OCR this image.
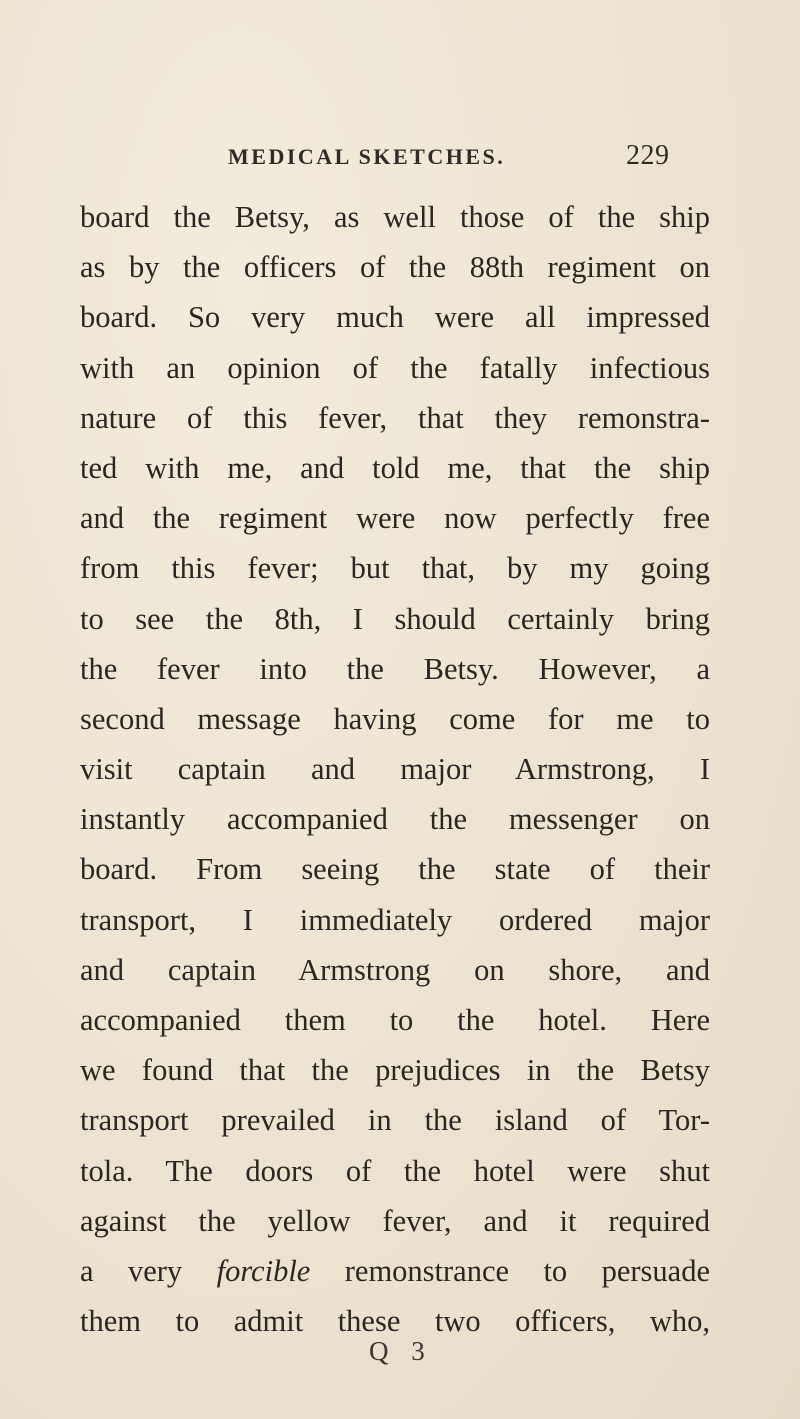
MEDICAL SKETCHES.	229
board the Betsy, as well those of the ship
as by the officers of the 88th regiment on
board. So very much were all impressed
with an opinion of the fatally infectious
nature of this fever, that they remonstra-
ted with me, and told me, that the ship
and the regiment were now perfectly free
from this fever; but that, by my going
to see the 8th, I should certainly bring
the fever into the Betsy. However, a
second message having come for me to
visit captain and major Armstrong, I
instantly accompanied the messenger on
board. From seeing the state of their
transport, I immediately ordered major
and captain Armstrong on shore, and
accompanied them to the hotel. Here
we found that the prejudices in the Betsy
transport prevailed in the island of Tor-
tola. The doors of the hotel were shut
against the yellow fever, and it required
a very forcible remonstrance to persuade
them to admit these two officers, who,
Q 3
